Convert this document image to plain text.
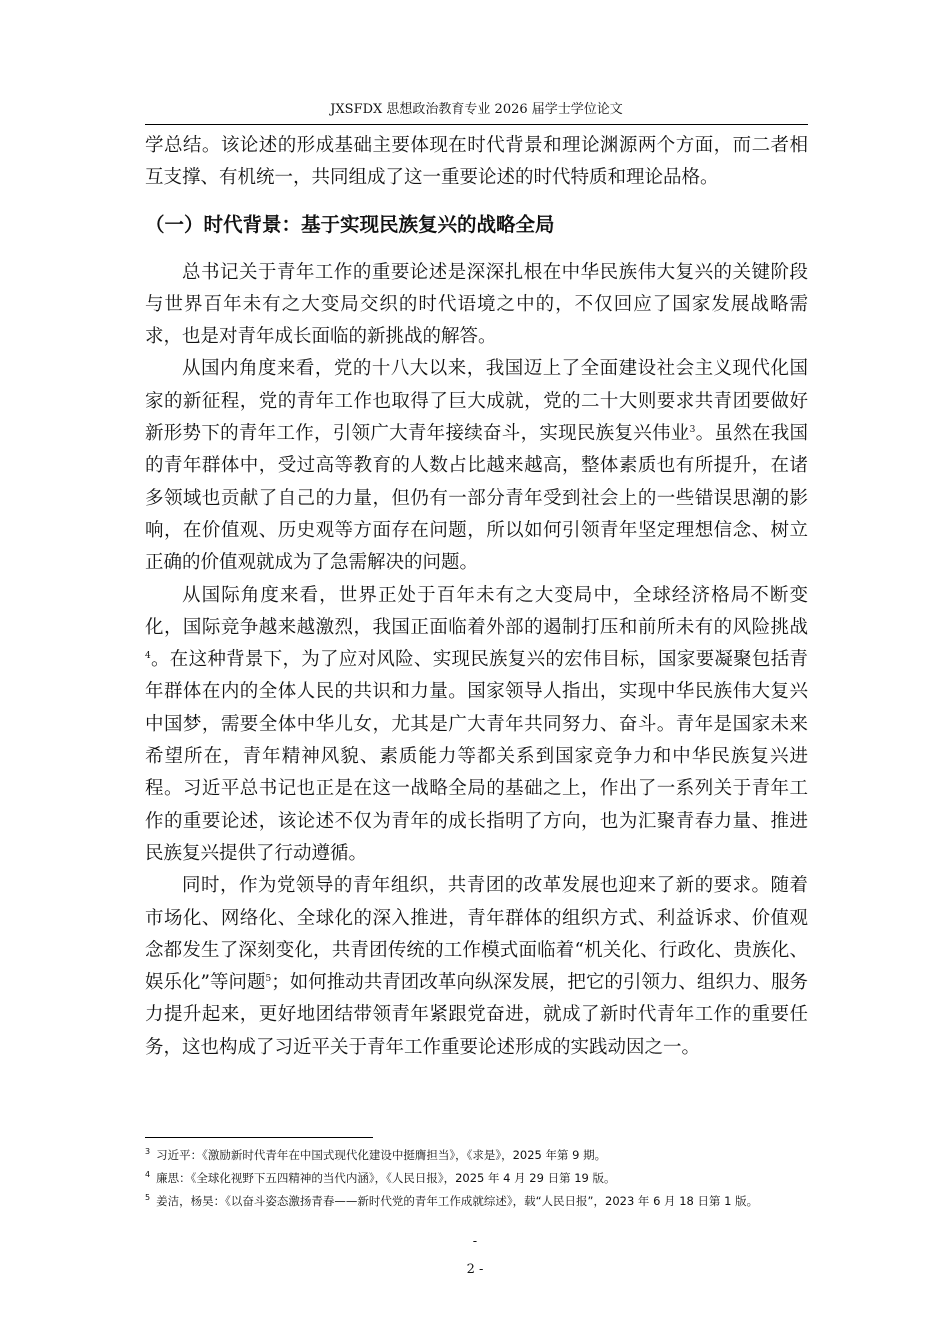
JXSFDX 思想政治教育专业 2026 届学士学位论文

学总结。该论述的形成基础主要体现在时代背景和理论渊源两个方面，而二者相互支撑、有机统一，共同组成了这一重要论述的时代特质和理论品格。

（一）时代背景：基于实现民族复兴的战略全局

总书记关于青年工作的重要论述是深深扎根在中华民族伟大复兴的关键阶段与世界百年未有之大变局交织的时代语境之中的，不仅回应了国家发展战略需求，也是对青年成长面临的新挑战的解答。

从国内角度来看，党的十八大以来，我国迈上了全面建设社会主义现代化国家的新征程，党的青年工作也取得了巨大成就，党的二十大则要求共青团要做好新形势下的青年工作，引领广大青年接续奋斗，实现民族复兴伟业$^3$。虽然在我国的青年群体中，受过高等教育的人数占比越来越高，整体素质也有所提升，在诸多领域也贡献了自己的力量，但仍有一部分青年受到社会上的一些错误思潮的影响，在价值观、历史观等方面存在问题，所以如何引领青年坚定理想信念、树立正确的价值观就成为了急需解决的问题。

从国际角度来看，世界正处于百年未有之大变局中，全球经济格局不断变化，国际竞争越来越激烈，我国正面临着外部的遏制打压和前所未有的风险挑战$^4$。在这种背景下，为了应对风险、实现民族复兴的宏伟目标，国家要凝聚包括青年群体在内的全体人民的共识和力量。国家领导人指出，实现中华民族伟大复兴中国梦，需要全体中华儿女，尤其是广大青年共同努力、奋斗。青年是国家未来希望所在，青年精神风貌、素质能力等都关系到国家竞争力和中华民族复兴进程。习近平总书记也正是在这一战略全局的基础之上，作出了一系列关于青年工作的重要论述，该论述不仅为青年的成长指明了方向，也为汇聚青春力量、推进民族复兴提供了行动遵循。

同时，作为党领导的青年组织，共青团的改革发展也迎来了新的要求。随着市场化、网络化、全球化的深入推进，青年群体的组织方式、利益诉求、价值观念都发生了深刻变化，共青团传统的工作模式面临着“机关化、行政化、贵族化、娱乐化”等问题$^5$；如何推动共青团改革向纵深发展，把它的引领力、组织力、服务力提升起来，更好地团结带领青年紧跟党奋进，就成了新时代青年工作的重要任务，这也构成了习近平关于青年工作重要论述形成的实践动因之一。

$^3$ 习近平：《激励新时代青年在中国式现代化建设中挺膺担当》，《求是》，2025 年第 9 期。

$^4$ 廉思：《全球化视野下五四精神的当代内涵》，《人民日报》，2025 年 4 月 29 日第 19 版。

$^5$ 姜洁，杨昊：《以奋斗姿态激扬青春——新时代党的青年工作成就综述》，载“人民日报”，2023 年 6 月 18 日第 1 版。

-
2 -
